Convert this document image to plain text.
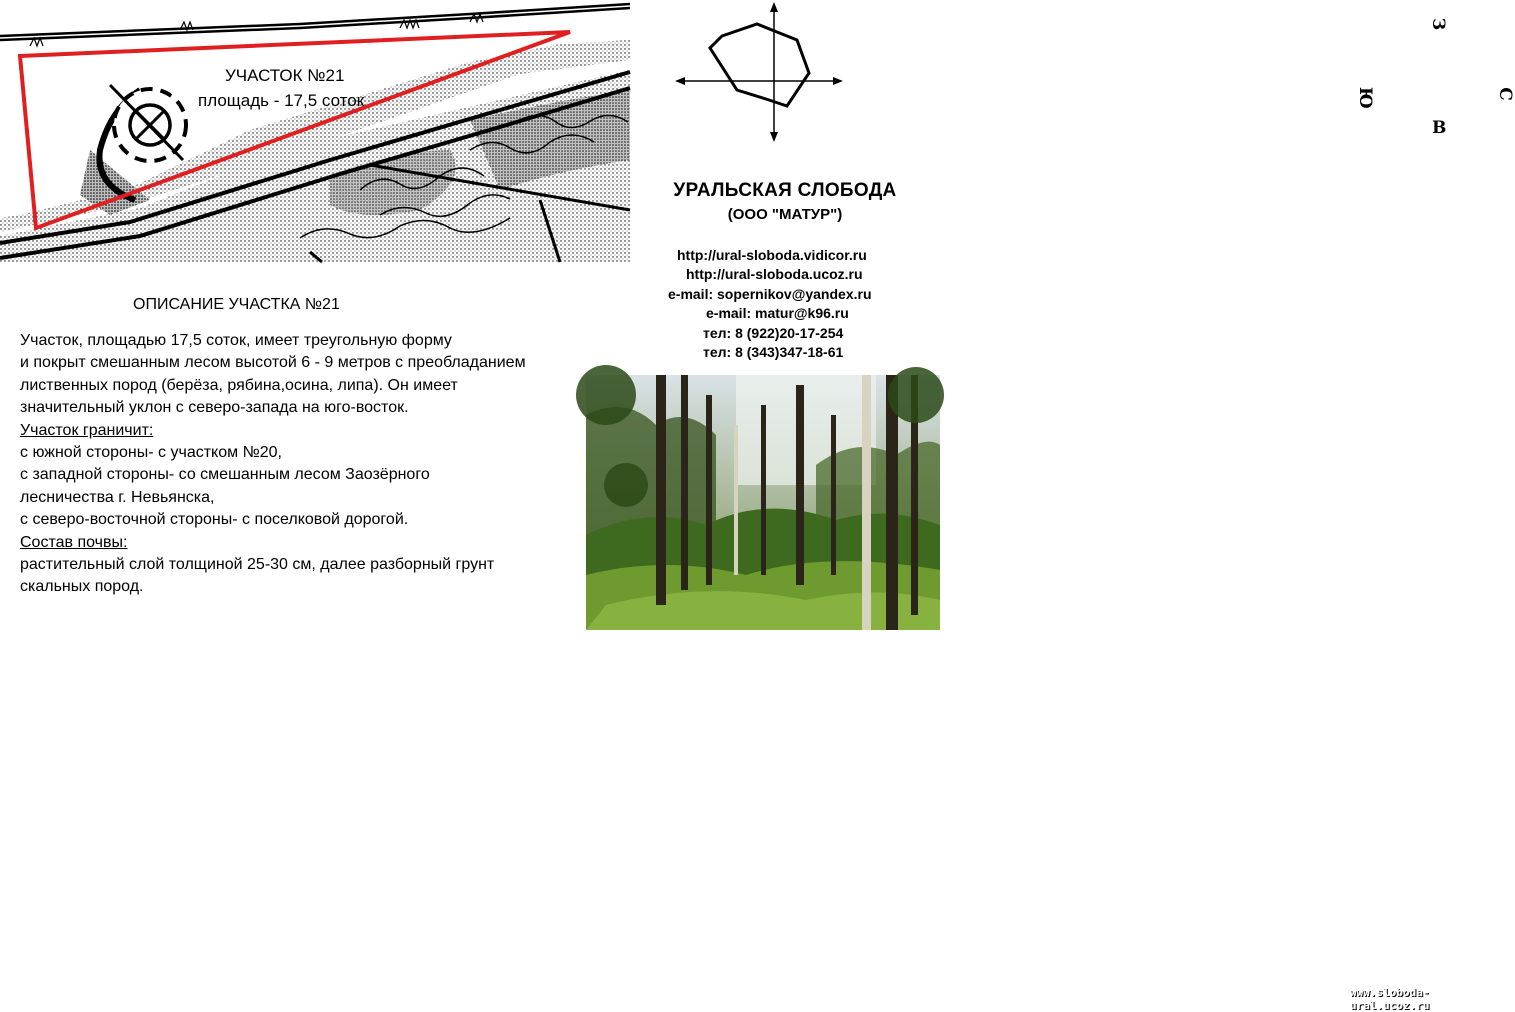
УЧАСТОК №21
площадь - 17,5 соток
З
Ю	С
В
УРАЛЬСКАЯ СЛОБОДА
(ООО "МАТУР")
http://ural-sloboda.vidicor.ru
http://ural-sloboda.ucoz.ru
e-mail: sopernikov@yandex.ru
e-mail: matur@k96.ru
тел: 8 (922)20-17-254
тел: 8 (343)347-18-61
ОПИСАНИЕ УЧАСТКА №21
Участок, площадью 17,5 соток, имеет треугольную форму
и покрыт смешанным лесом высотой 6 - 9 метров с преобладанием
лиственных пород (берёза, рябина,осина, липа). Он имеет
значительный уклон с северо-запада на юго-восток.
Участок граничит:
с южной стороны- с участком №20,
с западной стороны- со смешанным лесом Заозёрного
лесничества г. Невьянска,
с северо-восточной стороны- с поселковой дорогой.
Состав почвы:
растительный слой толщиной 25-30 см, далее разборный грунт
скальных пород.
www.sloboda-ural.ucoz.ru
